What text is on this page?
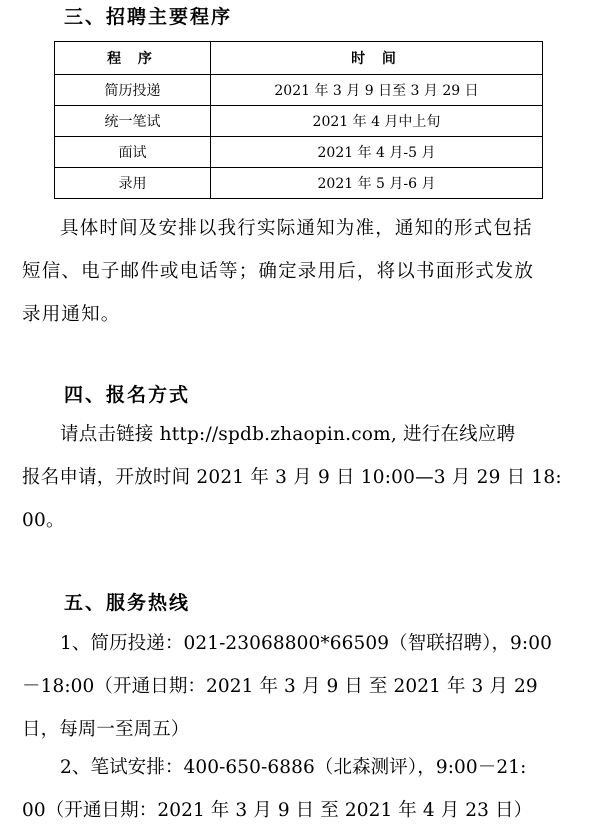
三、招聘主要程序
程 序	时 间
简历投递	2021 年 3 月 9 日至 3 月 29 日
统一笔试	2021 年 4 月中上旬
面试	2021 年 4 月-5 月
录用	2021 年 5 月-6 月

具体时间及安排以我行实际通知为准，通知的形式包括
短信、电子邮件或电话等；确定录用后，将以书面形式发放
录用通知。

四、报名方式

请点击链接 http://spdb.zhaopin.com, 进行在线应聘
报名申请，开放时间 2021 年 3 月 9 日 10:00—3 月 29 日 18:
00。

五、服务热线

1、简历投递：021-23068800*66509（智联招聘），9:00
－18:00（开通日期：2021 年 3 月 9 日 至 2021 年 3 月 29
日，每周一至周五）

2、笔试安排：400-650-6886（北森测评），9:00－21:
00（开通日期：2021 年 3 月 9 日 至 2021 年 4 月 23 日）
